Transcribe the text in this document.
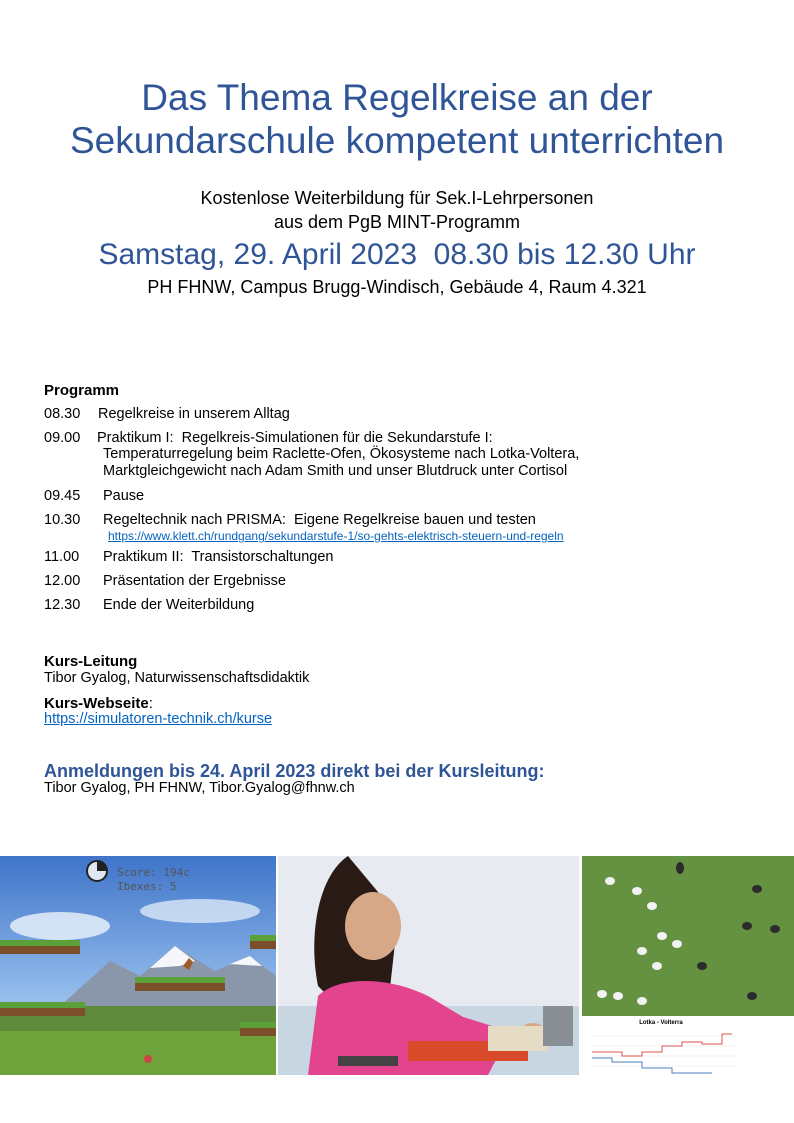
Das Thema Regelkreise an der
Sekundarschule kompetent unterrichten
Kostenlose Weiterbildung für Sek.I-Lehrpersonen
aus dem PgB MINT-Programm
Samstag, 29. April 2023  08.30 bis 12.30 Uhr
PH FHNW, Campus Brugg-Windisch, Gebäude 4, Raum 4.321
Programm
08.30	Regelkreise in unserem Alltag
09.00	Praktikum I:  Regelkreis-Simulationen für die Sekundarstufe I:
Temperaturregelung beim Raclette-Ofen, Ökosysteme nach Lotka-Voltera,
Marktgleichgewicht nach Adam Smith und unser Blutdruck unter Cortisol
09.45	Pause
10.30	Regeltechnik nach PRISMA:  Eigene Regelkreise bauen und testen
https://www.klett.ch/rundgang/sekundarstufe-1/so-gehts-elektrisch-steuern-und-regeln
11.00	Praktikum II:  Transistorschaltungen
12.00	Präsentation der Ergebnisse
12.30	Ende der Weiterbildung
Kurs-Leitung
Tibor Gyalog, Naturwissenschaftsdidaktik
Kurs-Webseite:
https://simulatoren-technik.ch/kurse
Anmeldungen bis 24. April 2023 direkt bei der Kursleitung:
Tibor Gyalog, PH FHNW, Tibor.Gyalog@fhnw.ch
Score: 194c
Ibexes: 5
Lotka - Volterra
